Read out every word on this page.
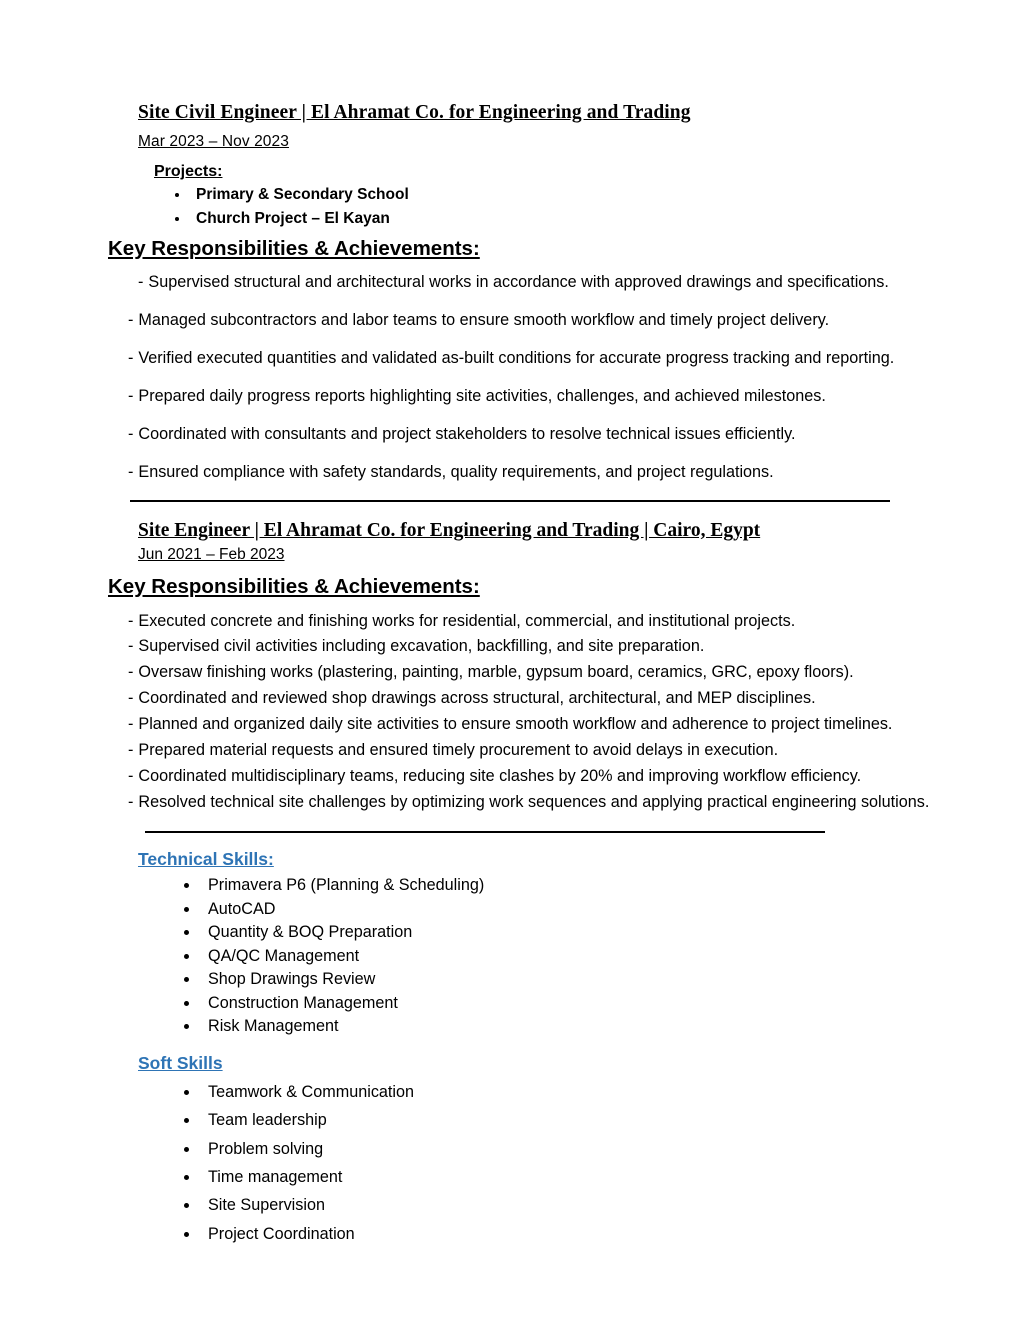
Site Civil Engineer | El Ahramat Co. for Engineering and Trading
Mar 2023 – Nov 2023
Projects:
• Primary & Secondary School
• Church Project – El Kayan
Key Responsibilities & Achievements:
- Supervised structural and architectural works in accordance with approved drawings and specifications.
- Managed subcontractors and labor teams to ensure smooth workflow and timely project delivery.
- Verified executed quantities and validated as-built conditions for accurate progress tracking and reporting.
- Prepared daily progress reports highlighting site activities, challenges, and achieved milestones.
- Coordinated with consultants and project stakeholders to resolve technical issues efficiently.
- Ensured compliance with safety standards, quality requirements, and project regulations.
Site Engineer | El Ahramat Co. for Engineering and Trading | Cairo, Egypt
Jun 2021 – Feb 2023
Key Responsibilities & Achievements:
- Executed concrete and finishing works for residential, commercial, and institutional projects.
- Supervised civil activities including excavation, backfilling, and site preparation.
- Oversaw finishing works (plastering, painting, marble, gypsum board, ceramics, GRC, epoxy floors).
- Coordinated and reviewed shop drawings across structural, architectural, and MEP disciplines.
- Planned and organized daily site activities to ensure smooth workflow and adherence to project timelines.
- Prepared material requests and ensured timely procurement to avoid delays in execution.
- Coordinated multidisciplinary teams, reducing site clashes by 20% and improving workflow efficiency.
- Resolved technical site challenges by optimizing work sequences and applying practical engineering solutions.
Technical Skills:
• Primavera P6 (Planning & Scheduling)
• AutoCAD
• Quantity & BOQ Preparation
• QA/QC Management
• Shop Drawings Review
• Construction Management
• Risk Management
Soft Skills
• Teamwork & Communication
• Team leadership
• Problem solving
• Time management
• Site Supervision
• Project Coordination
